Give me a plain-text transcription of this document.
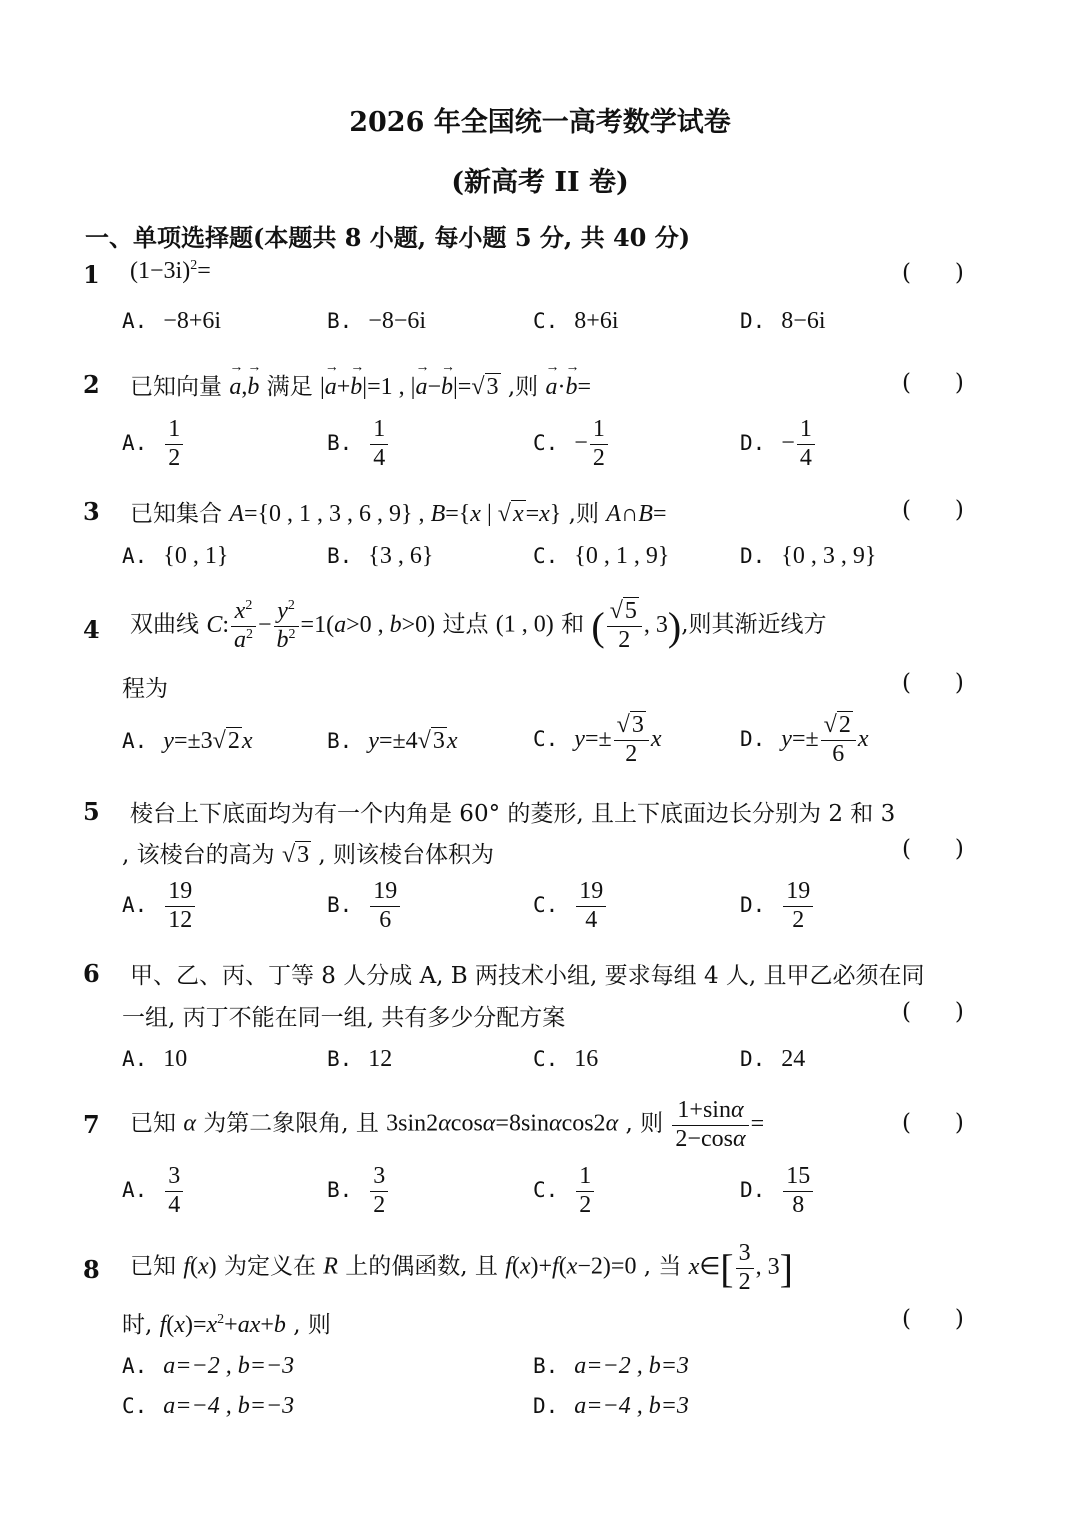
2026 年全国统一高考数学试卷
(新高考 II 卷)
一、单项选择题(本题共 8 小题, 每小题 5 分, 共 40 分)
1 $(1-3i)^2=$	(      )
A. −8+6i	B. −8−6i	C. 8+6i	D. 8−6i
2 已知向量 → a,→ b 满足 |→ a+→ b|=1 , |→ a−→ b|=√3 ,则 → a·→ b=	(      )
A. $\frac{1}{2}$	B. $\frac{1}{4}$	C. − $\frac{1}{2}$	D. − $\frac{1}{4}$
3 已知集合 A={0 , 1 , 3 , 6 , 9} , B={x | √x=x} ,则 A∩B=	(      )
A. {0 , 1}	B. {3 , 6}	C. {0 , 1 , 9}	D. {0 , 3 , 9}
4 双曲线 C: $\frac{x^2}{a^2} - \frac{y^2}{b^2} =1(a>0$ , b>0) 过点 (1 , 0) 和 ( $\frac{√5}{2}$ , 3),则其渐近线方
程为	(      )
A. y=±3√2x	B. y=±4√3x	C. $y=\pm \frac{√3}{2}$ x	D. $y=\pm \frac{√2}{6}$ x
5 棱台上下底面均为有一个内角是 60° 的菱形, 且上下底面边长分别为 2 和 3
, 该棱台的高为 √3 , 则该棱台体积为	(      )
A. $\frac{19}{12}$	B. $\frac{19}{6}$	C. $\frac{19}{4}$	D. $\frac{19}{2}$
6 甲、乙、丙、丁等 8 人分成 A, B 两技术小组, 要求每组 4 人, 且甲乙必须在同
一组, 丙丁不能在同一组, 共有多少分配方案	(      )
A. 10	B. 12	C. 16	D. 24
7 已知 α 为第二象限角, 且 3sin2αcosα=8sinαcos2α , 则 $\frac{1+\sin\alpha}{2-\cos\alpha}$ =	(      )
A. $\frac{3}{4}$	B. $\frac{3}{2}$	C. $\frac{1}{2}$	D. $\frac{15}{8}$
8 已知 f(x) 为定义在 R 上的偶函数, 且 f(x)+f(x−2)=0 , 当 x∈[ $\frac{3}{2}$ , 3]
时, $f(x)=x^2+ax+b$ , 则	(      )
A. a=−2 , b=−3	B. a=−2 , b=3
C. a=−4 , b=−3	D. a=−4 , b=3
